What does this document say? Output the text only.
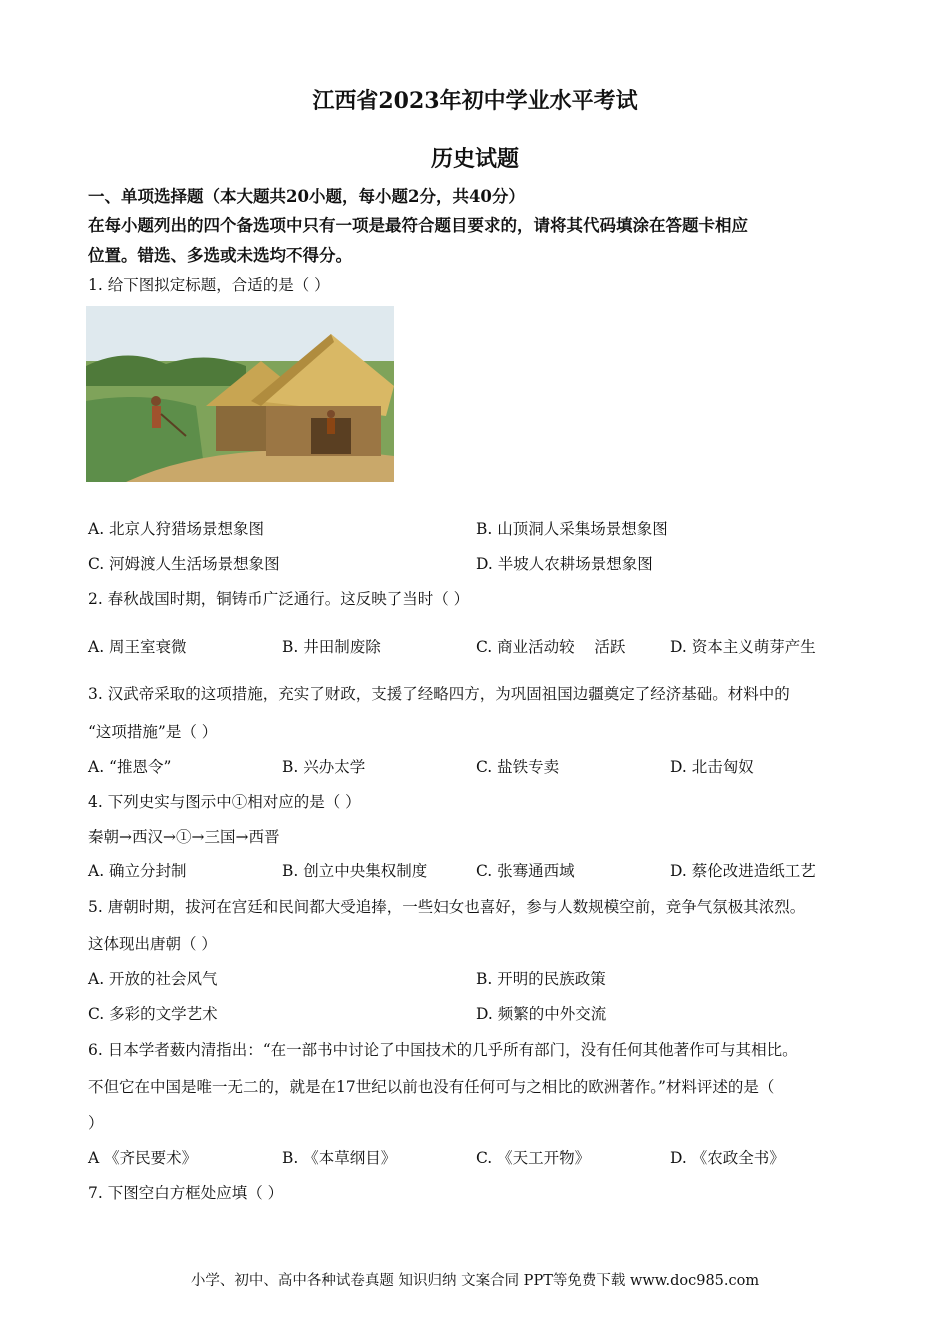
江西省2023年初中学业水平考试
历史试题
一、单项选择题（本大题共20小题，每小题2分，共40分）
在每小题列出的四个备选项中只有一项是最符合题目要求的，请将其代码填涂在答题卡相应
位置。错选、多选或未选均不得分。
1. 给下图拟定标题，合适的是（ ）
A. 北京人狩猎场景想象图	B. 山顶洞人采集场景想象图
C. 河姆渡人生活场景想象图	D. 半坡人农耕场景想象图
2. 春秋战国时期，铜铸币广泛通行。这反映了当时（ ）
A. 周王室衰微	B. 井田制废除	C. 商业活动较    活跃	D. 资本主义萌芽产生
3. 汉武帝采取的这项措施，充实了财政，支援了经略四方，为巩固祖国边疆奠定了经济基础。材料中的
“这项措施”是（ ）
A. “推恩令”	B. 兴办太学	C. 盐铁专卖	D. 北击匈奴
4. 下列史实与图示中①相对应的是（ ）
秦朝→西汉→①→三国→西晋
A. 确立分封制	B. 创立中央集权制度	C. 张骞通西域	D. 蔡伦改进造纸工艺
5. 唐朝时期，拔河在宫廷和民间都大受追捧，一些妇女也喜好，参与人数规模空前，竞争气氛极其浓烈。
这体现出唐朝（ ）
A. 开放的社会风气	B. 开明的民族政策
C. 多彩的文学艺术	D. 频繁的中外交流
6. 日本学者薮内清指出：“在一部书中讨论了中国技术的几乎所有部门，没有任何其他著作可与其相比。
不但它在中国是唯一无二的，就是在17世纪以前也没有任何可与之相比的欧洲著作。”材料评述的是（
）
A 《齐民要术》	B. 《本草纲目》	C. 《天工开物》	D. 《农政全书》
7. 下图空白方框处应填（ ）
小学、初中、高中各种试卷真题 知识归纳 文案合同 PPT等免费下载 www.doc985.com
